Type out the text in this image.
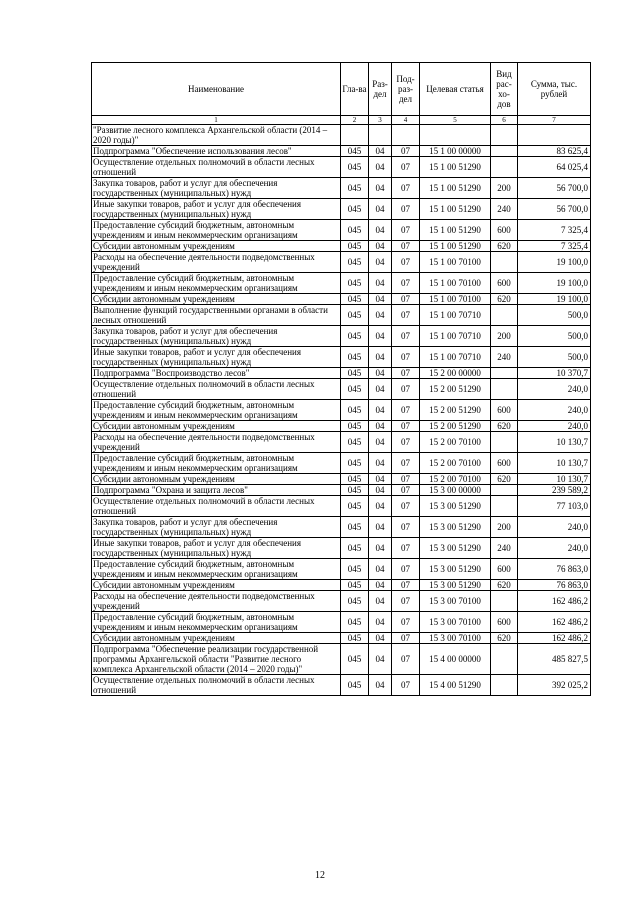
Наименование	Гла-ва	Раз-дел	Под-раз-дел	Целевая статья	Вид рас-хо-дов	Сумма, тыс. рублей
1	2	3	4	5	6	7
"Развитие лесного комплекса Архангельской области (2014 – 2020 годы)"						
Подпрограмма "Обеспечение использования лесов"	045	04	07	15 1 00 00000		83 625,4
Осуществление отдельных полномочий в области лесных отношений	045	04	07	15 1 00 51290		64 025,4
Закупка товаров, работ и услуг для обеспечения государственных (муниципальных) нужд	045	04	07	15 1 00 51290	200	56 700,0
Иные закупки товаров, работ и услуг для обеспечения государственных (муниципальных) нужд	045	04	07	15 1 00 51290	240	56 700,0
Предоставление субсидий бюджетным, автономным учреждениям и иным некоммерческим организациям	045	04	07	15 1 00 51290	600	7 325,4
Субсидии автономным учреждениям	045	04	07	15 1 00 51290	620	7 325,4
Расходы на обеспечение деятельности подведомственных учреждений	045	04	07	15 1 00 70100		19 100,0
Предоставление субсидий бюджетным, автономным учреждениям и иным некоммерческим организациям	045	04	07	15 1 00 70100	600	19 100,0
Субсидии автономным учреждениям	045	04	07	15 1 00 70100	620	19 100,0
Выполнение функций государственными органами в области лесных отношений	045	04	07	15 1 00 70710		500,0
Закупка товаров, работ и услуг для обеспечения государственных (муниципальных) нужд	045	04	07	15 1 00 70710	200	500,0
Иные закупки товаров, работ и услуг для обеспечения государственных (муниципальных) нужд	045	04	07	15 1 00 70710	240	500,0
Подпрограмма "Воспроизводство лесов"	045	04	07	15 2 00 00000		10 370,7
Осуществление отдельных полномочий в области лесных отношений	045	04	07	15 2 00 51290		240,0
Предоставление субсидий бюджетным, автономным учреждениям и иным некоммерческим организациям	045	04	07	15 2 00 51290	600	240,0
Субсидии автономным учреждениям	045	04	07	15 2 00 51290	620	240,0
Расходы на обеспечение деятельности подведомственных учреждений	045	04	07	15 2 00 70100		10 130,7
Предоставление субсидий бюджетным, автономным учреждениям и иным некоммерческим организациям	045	04	07	15 2 00 70100	600	10 130,7
Субсидии автономным учреждениям	045	04	07	15 2 00 70100	620	10 130,7
Подпрограмма "Охрана и защита лесов"	045	04	07	15 3 00 00000		239 589,2
Осуществление отдельных полномочий в области лесных отношений	045	04	07	15 3 00 51290		77 103,0
Закупка товаров, работ и услуг для обеспечения государственных (муниципальных) нужд	045	04	07	15 3 00 51290	200	240,0
Иные закупки товаров, работ и услуг для обеспечения государственных (муниципальных) нужд	045	04	07	15 3 00 51290	240	240,0
Предоставление субсидий бюджетным, автономным учреждениям и иным некоммерческим организациям	045	04	07	15 3 00 51290	600	76 863,0
Субсидии автономным учреждениям	045	04	07	15 3 00 51290	620	76 863,0
Расходы на обеспечение деятельности подведомственных учреждений	045	04	07	15 3 00 70100		162 486,2
Предоставление субсидий бюджетным, автономным учреждениям и иным некоммерческим организациям	045	04	07	15 3 00 70100	600	162 486,2
Субсидии автономным учреждениям	045	04	07	15 3 00 70100	620	162 486,2
Подпрограмма "Обеспечение реализации государственной программы Архангельской области "Развитие лесного комплекса Архангельской области (2014 – 2020 годы)"	045	04	07	15 4 00 00000		485 827,5
Осуществление отдельных полномочий в области лесных отношений	045	04	07	15 4 00 51290		392 025,2
12
